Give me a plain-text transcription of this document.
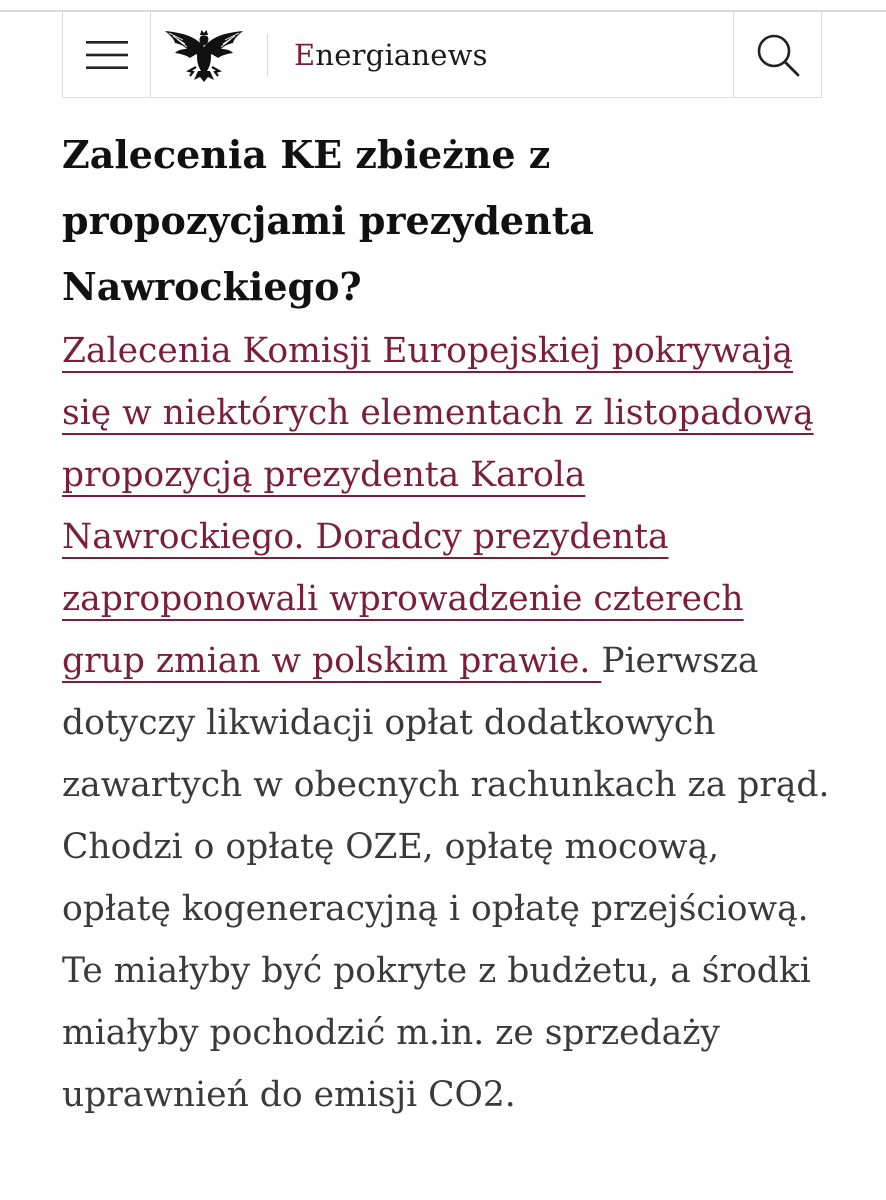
Energianews
Zalecenia KE zbieżne z propozycjami prezydenta Nawrockiego?

Zalecenia Komisji Europejskiej pokrywają się w niektórych elementach z listopadową propozycją prezydenta Karola Nawrockiego. Doradcy prezydenta zaproponowali wprowadzenie czterech grup zmian w polskim prawie. Pierwsza dotyczy likwidacji opłat dodatkowych zawartych w obecnych rachunkach za prąd. Chodzi o opłatę OZE, opłatę mocową, opłatę kogeneracyjną i opłatę przejściową. Te miałyby być pokryte z budżetu, a środki miałyby pochodzić m.in. ze sprzedaży uprawnień do emisji CO2.
